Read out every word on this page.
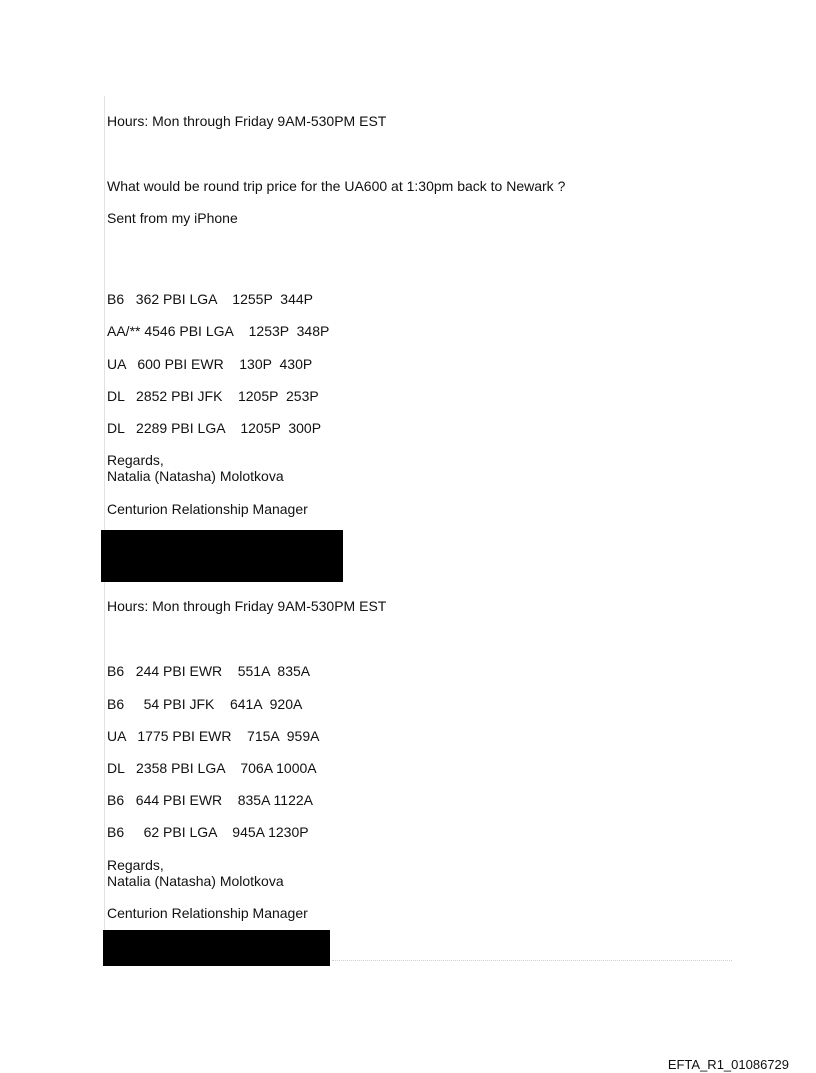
Hours: Mon through Friday 9AM-530PM EST
What would be round trip price for the UA600 at 1:30pm back to Newark ?
Sent from my iPhone
B6   362 PBI LGA    1255P  344P
AA/** 4546 PBI LGA    1253P  348P
UA   600 PBI EWR    130P  430P
DL   2852 PBI JFK    1205P  253P
DL   2289 PBI LGA    1205P  300P
Regards,
Natalia (Natasha) Molotkova
Centurion Relationship Manager
Hours: Mon through Friday 9AM-530PM EST
B6   244 PBI EWR    551A  835A
B6     54 PBI JFK    641A  920A
UA   1775 PBI EWR    715A  959A
DL   2358 PBI LGA    706A 1000A
B6   644 PBI EWR    835A 1122A
B6     62 PBI LGA    945A 1230P
Regards,
Natalia (Natasha) Molotkova
Centurion Relationship Manager
EFTA_R1_01086729
